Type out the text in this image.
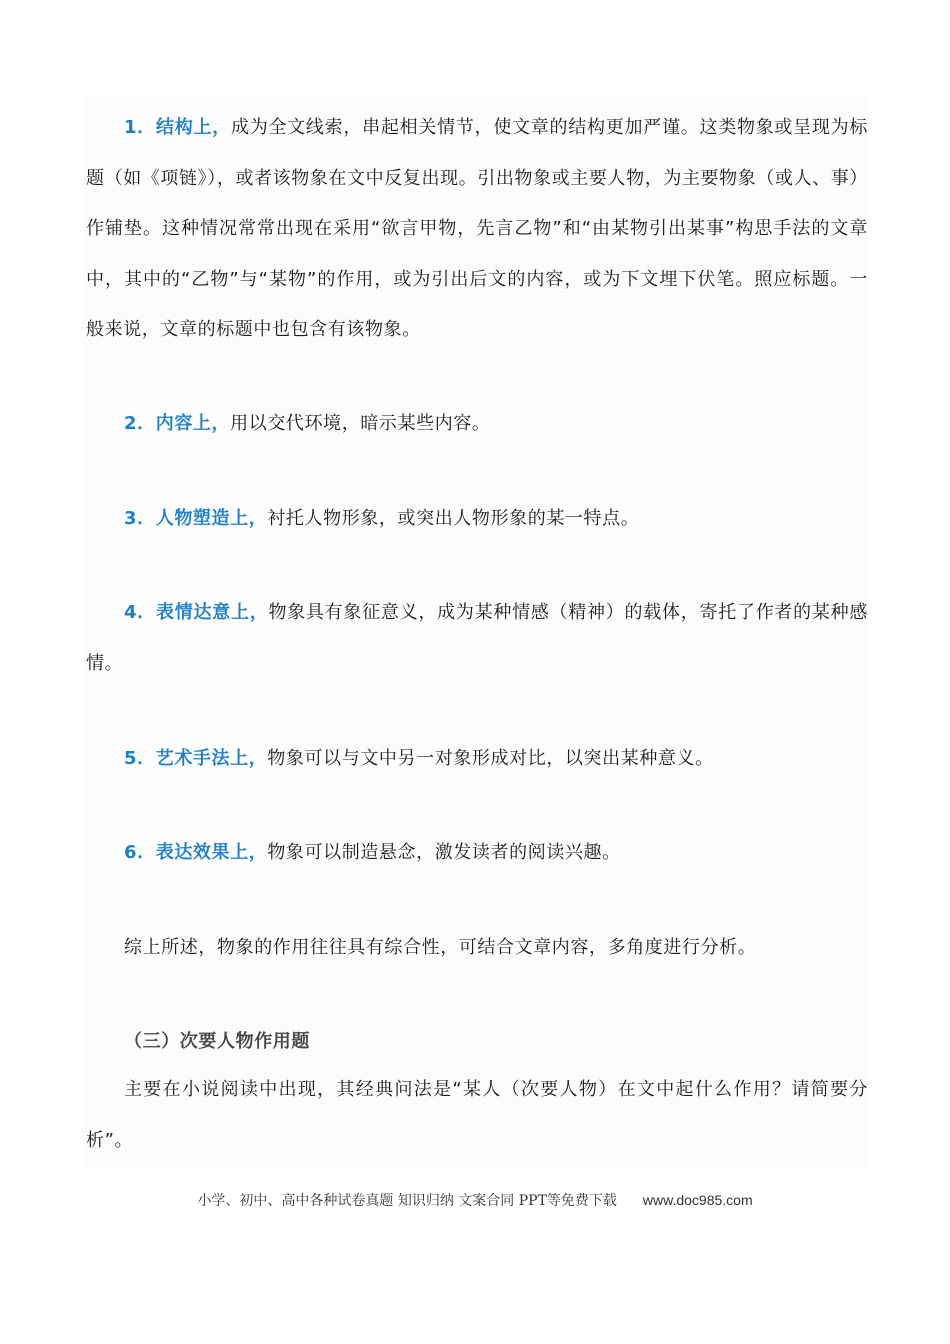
1．结构上，成为全文线索，串起相关情节，使文章的结构更加严谨。这类物象或呈现为标题（如《项链》），或者该物象在文中反复出现。引出物象或主要人物，为主要物象（或人、事）作铺垫。这种情况常常出现在采用“欲言甲物，先言乙物”和“由某物引出某事”构思手法的文章中，其中的“乙物”与“某物”的作用，或为引出后文的内容，或为下文埋下伏笔。照应标题。一般来说，文章的标题中也包含有该物象。

2．内容上，用以交代环境，暗示某些内容。

3．人物塑造上，衬托人物形象，或突出人物形象的某一特点。

4．表情达意上，物象具有象征意义，成为某种情感（精神）的载体，寄托了作者的某种感情。

5．艺术手法上，物象可以与文中另一对象形成对比，以突出某种意义。

6．表达效果上，物象可以制造悬念，激发读者的阅读兴趣。

综上所述，物象的作用往往具有综合性，可结合文章内容，多角度进行分析。

（三）次要人物作用题

主要在小说阅读中出现，其经典问法是“某人（次要人物）在文中起什么作用？请简要分析”。

小学、初中、高中各种试卷真题 知识归纳 文案合同 PPT等免费下载 www.doc985.com
